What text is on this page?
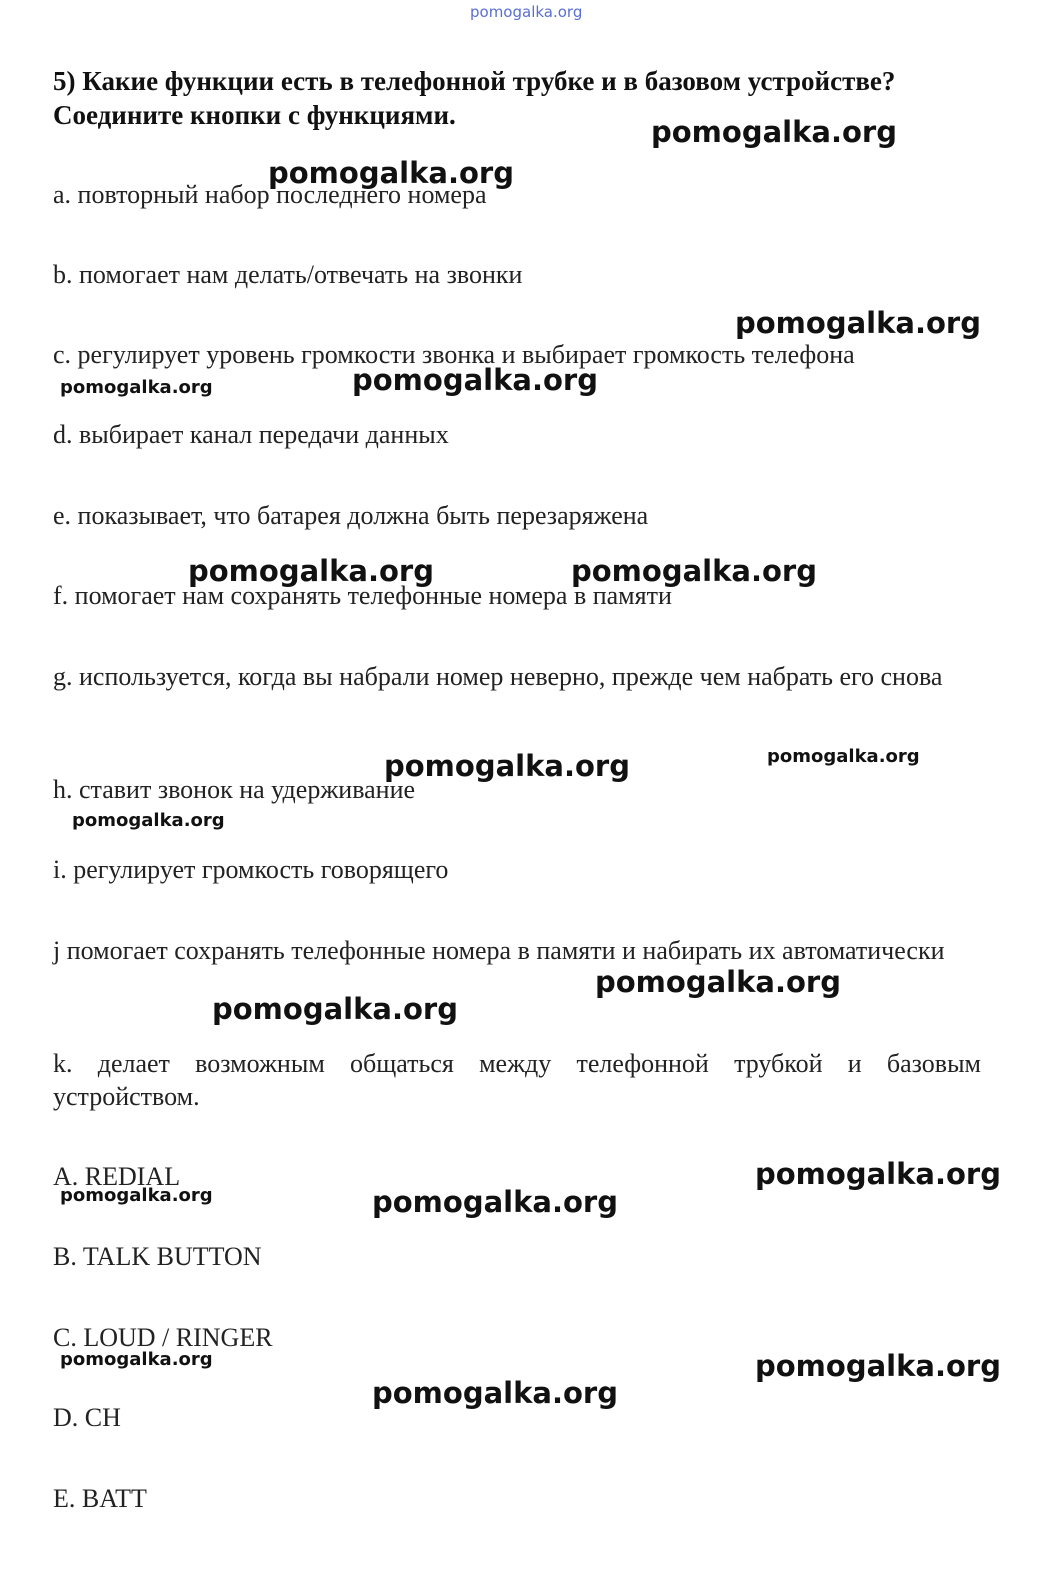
pomogalka.org
5) Какие функции есть в телефонной трубке и в базовом устройстве? Соедините кнопки с функциями.
a. повторный набор последнего номера
b. помогает нам делать/отвечать на звонки
c. регулирует уровень громкости звонка и выбирает громкость телефона
d. выбирает канал передачи данных
e. показывает, что батарея должна быть перезаряжена
f. помогает нам сохранять телефонные номера в памяти
g. используется, когда вы набрали номер неверно, прежде чем набрать его снова
h. ставит звонок на удерживание
i. регулирует громкость говорящего
j помогает сохранять телефонные номера в памяти и набирать их автоматически
k. делает возможным общаться между телефонной трубкой и базовым устройством.
A. REDIAL
B. TALK BUTTON
C. LOUD / RINGER
D. CH
E. BATT
pomogalka.org
pomogalka.org
pomogalka.org
pomogalka.org
pomogalka.org
pomogalka.org	pomogalka.org
pomogalka.org	pomogalka.org
pomogalka.org
pomogalka.org
pomogalka.org
pomogalka.org
pomogalka.org	pomogalka.org
pomogalka.org	pomogalka.org
pomogalka.org
